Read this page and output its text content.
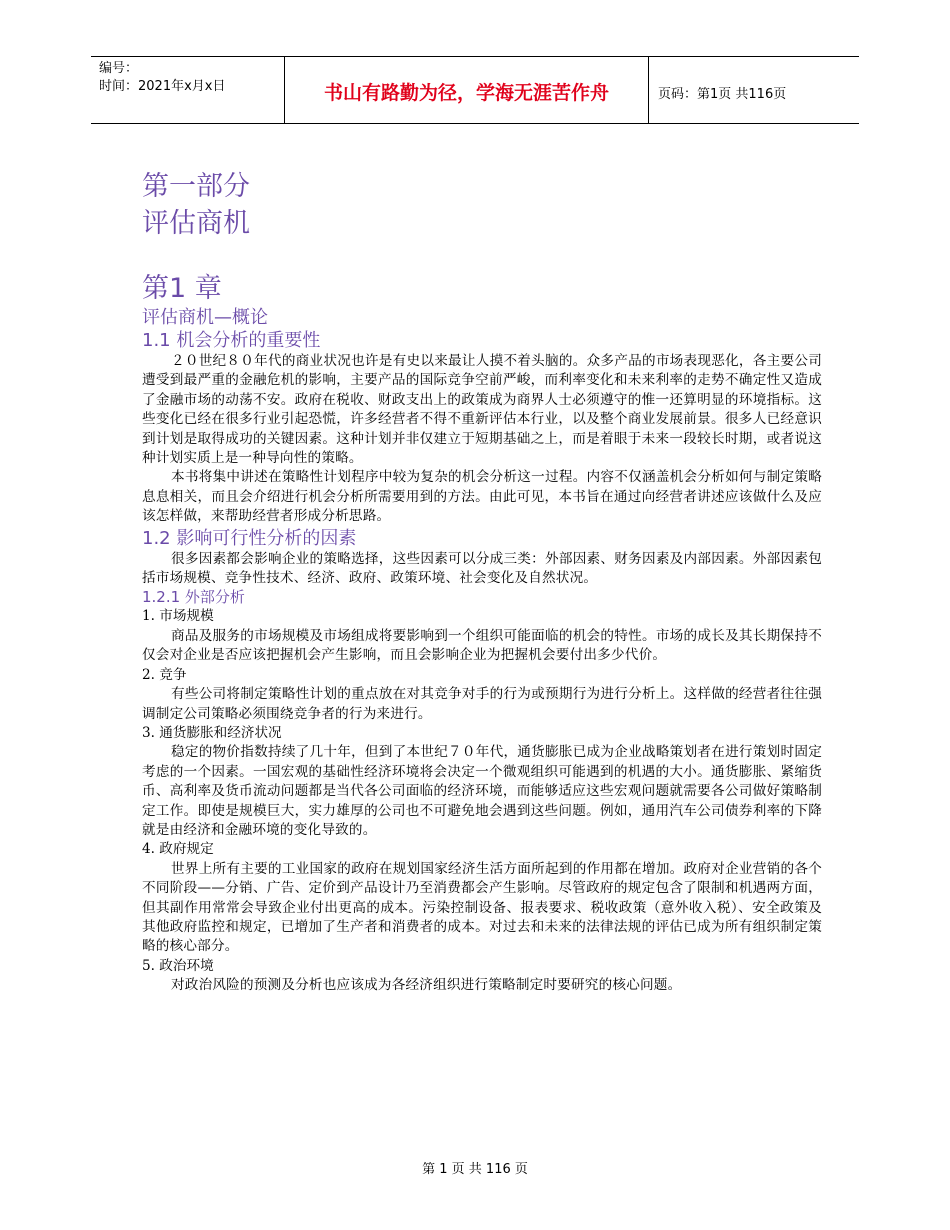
编号：
时间：2021年x月x日	书山有路勤为径，学海无涯苦作舟	页码：第1页 共116页
第一部分
评估商机
第1 章
评估商机—概论
1.1 机会分析的重要性
２０世纪８０年代的商业状况也许是有史以来最让人摸不着头脑的。众多产品的市场表现恶化，各主要公司遭受到最严重的金融危机的影响，主要产品的国际竞争空前严峻，而利率变化和未来利率的走势不确定性又造成了金融市场的动荡不安。政府在税收、财政支出上的政策成为商界人士必须遵守的惟一还算明显的环境指标。这些变化已经在很多行业引起恐慌，许多经营者不得不重新评估本行业，以及整个商业发展前景。很多人已经意识到计划是取得成功的关键因素。这种计划并非仅建立于短期基础之上，而是着眼于未来一段较长时期，或者说这种计划实质上是一种导向性的策略。
本书将集中讲述在策略性计划程序中较为复杂的机会分析这一过程。内容不仅涵盖机会分析如何与制定策略息息相关，而且会介绍进行机会分析所需要用到的方法。由此可见，本书旨在通过向经营者讲述应该做什么及应该怎样做，来帮助经营者形成分析思路。
1.2 影响可行性分析的因素
很多因素都会影响企业的策略选择，这些因素可以分成三类：外部因素、财务因素及内部因素。外部因素包括市场规模、竞争性技术、经济、政府、政策环境、社会变化及自然状况。
1.2.1 外部分析
1. 市场规模
商品及服务的市场规模及市场组成将要影响到一个组织可能面临的机会的特性。市场的成长及其长期保持不仅会对企业是否应该把握机会产生影响，而且会影响企业为把握机会要付出多少代价。
2. 竞争
有些公司将制定策略性计划的重点放在对其竞争对手的行为或预期行为进行分析上。这样做的经营者往往强调制定公司策略必须围绕竞争者的行为来进行。
3. 通货膨胀和经济状况
稳定的物价指数持续了几十年，但到了本世纪７０年代，通货膨胀已成为企业战略策划者在进行策划时固定考虑的一个因素。一国宏观的基础性经济环境将会决定一个微观组织可能遇到的机遇的大小。通货膨胀、紧缩货币、高利率及货币流动问题都是当代各公司面临的经济环境，而能够适应这些宏观问题就需要各公司做好策略制定工作。即使是规模巨大，实力雄厚的公司也不可避免地会遇到这些问题。例如，通用汽车公司债券利率的下降就是由经济和金融环境的变化导致的。
4. 政府规定
世界上所有主要的工业国家的政府在规划国家经济生活方面所起到的作用都在增加。政府对企业营销的各个不同阶段——分销、广告、定价到产品设计乃至消费都会产生影响。尽管政府的规定包含了限制和机遇两方面，但其副作用常常会导致企业付出更高的成本。污染控制设备、报表要求、税收政策（意外收入税）、安全政策及其他政府监控和规定，已增加了生产者和消费者的成本。对过去和未来的法律法规的评估已成为所有组织制定策略的核心部分。
5. 政治环境
对政治风险的预测及分析也应该成为各经济组织进行策略制定时要研究的核心问题。
第 1 页 共 116 页
